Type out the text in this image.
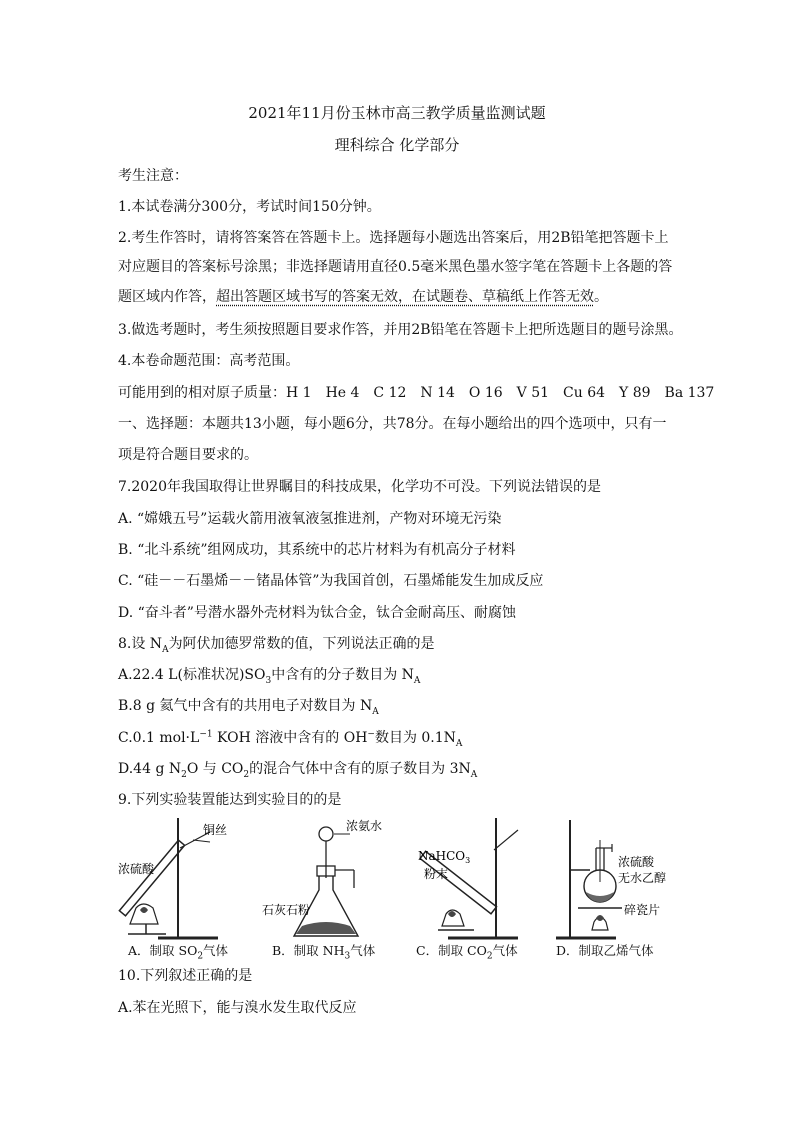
2021年11月份玉林市高三教学质量监测试题
理科综合 化学部分
考生注意：
1.本试卷满分300分，考试时间150分钟。
2.考生作答时，请将答案答在答题卡上。选择题每小题选出答案后，用2B铅笔把答题卡上
对应题目的答案标号涂黑；非选择题请用直径0.5毫米黑色墨水签字笔在答题卡上各题的答
题区域内作答，超出答题区域书写的答案无效，在试题卷、草稿纸上作答无效。
3.做选考题时，考生须按照题目要求作答，并用2B铅笔在答题卡上把所选题目的题号涂黑。
4.本卷命题范围：高考范围。
可能用到的相对原子质量：H 1　He 4　C 12　N 14　O 16　V 51　Cu 64　Y 89　Ba 137
一、选择题：本题共13小题，每小题6分，共78分。在每小题给出的四个选项中，只有一
项是符合题目要求的。
7.2020年我国取得让世界瞩目的科技成果，化学功不可没。下列说法错误的是
A. “嫦娥五号”运载火箭用液氧液氢推进剂，产物对环境无污染
B. “北斗系统”组网成功，其系统中的芯片材料为有机高分子材料
C. “硅－－石墨烯－－锗晶体管”为我国首创，石墨烯能发生加成反应
D. “奋斗者”号潜水器外壳材料为钛合金，钛合金耐高压、耐腐蚀
8.设 $N_A$为阿伏加德罗常数的值，下列说法正确的是
A.22.4 L(标准状况)$SO_3$中含有的分子数目为 $N_A$
B.8 g 氦气中含有的共用电子对数目为 $N_A$
C.0.1 $mol\cdot L^{-1}$ KOH 溶液中含有的 OH−数目为 $0.1N_A$
D.44 g $N_2O$ 与 $CO_2$的混合气体中含有的原子数目为 $3N_A$
9.下列实验装置能达到实验目的的是
铜丝
浓硫酸
浓氨水
石灰石粉
NaHCO$_3$
粉末
浓硫酸
无水乙醇
碎瓷片
A．制取 $SO_2$气体	B．制取 $NH_3$气体	C．制取 $CO_2$气体	D．制取乙烯气体
10.下列叙述正确的是
A.苯在光照下，能与溴水发生取代反应
